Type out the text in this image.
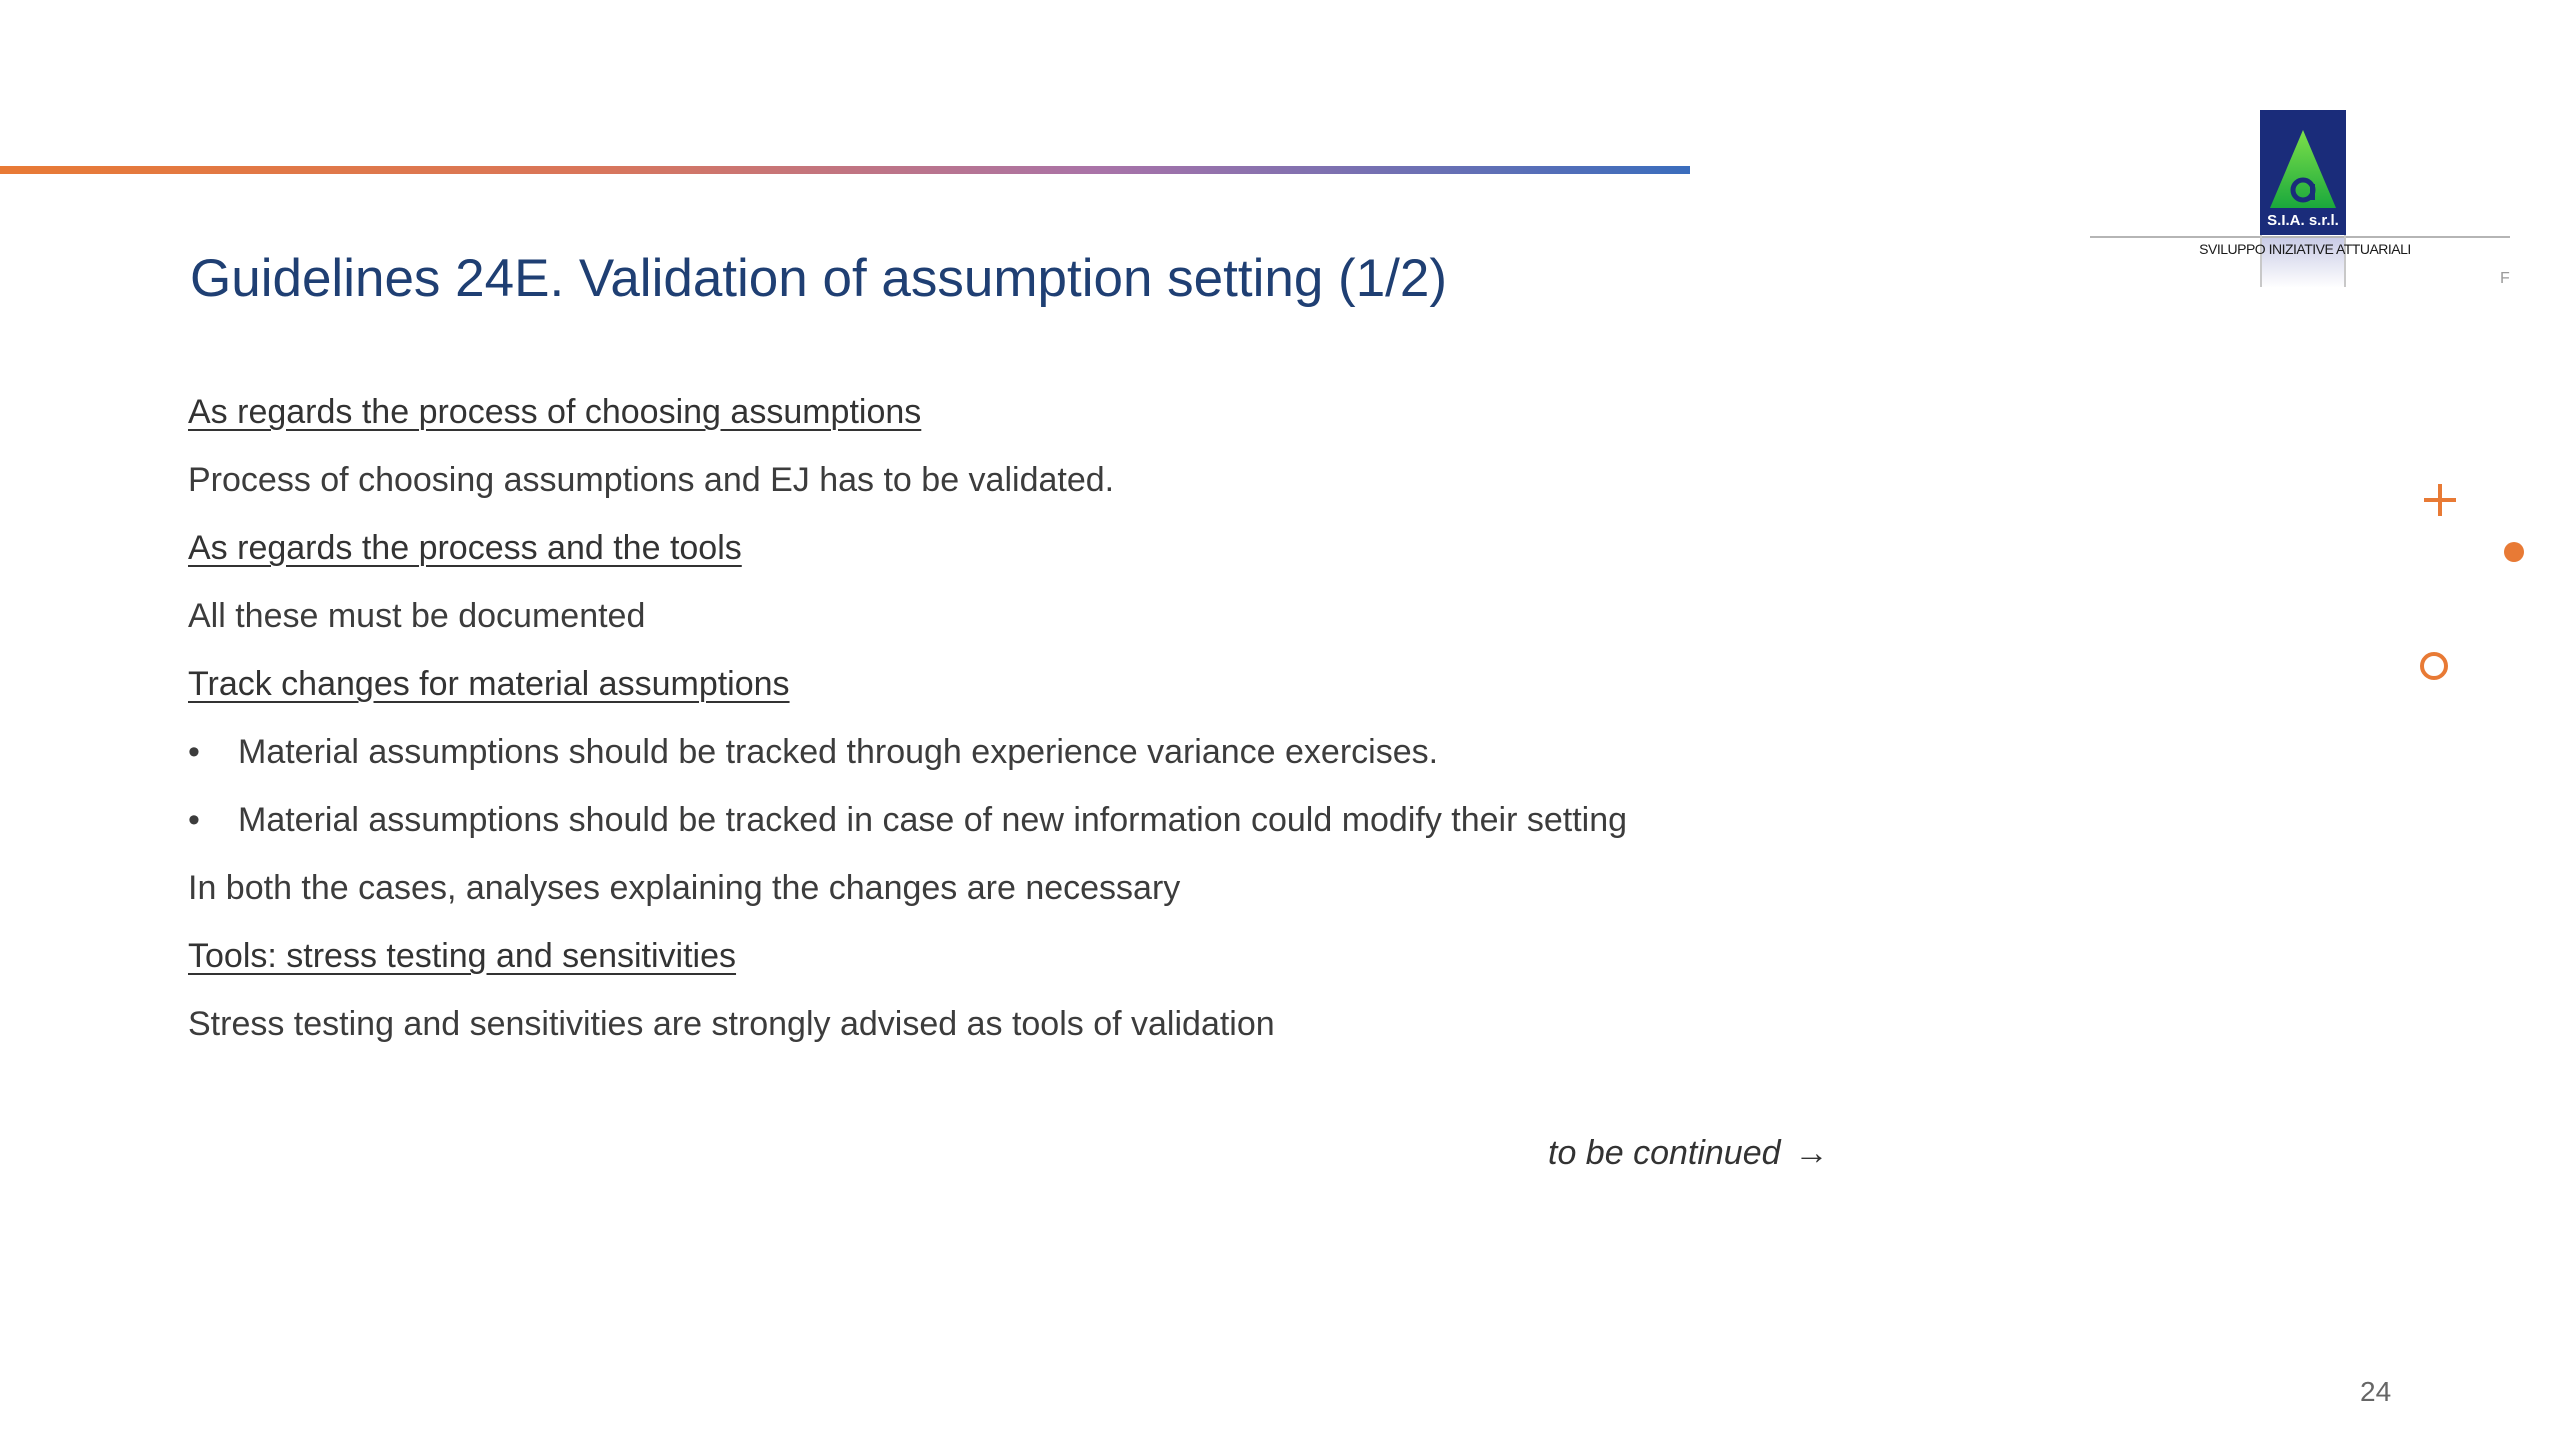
S.I.A. s.r.l.
SVILUPPO INIZIATIVE ATTUARIALI
F
Guidelines 24E. Validation of assumption setting (1/2)
As regards the process of choosing assumptions
Process of choosing assumptions and EJ has to be validated.
As regards the process and the tools
All these must be documented
Track changes for material assumptions
• Material assumptions should be tracked through experience variance exercises.
• Material assumptions should be tracked in case of new information could modify their setting
In both the cases, analyses explaining the changes are necessary
Tools: stress testing and sensitivities
Stress testing and sensitivities are strongly advised as tools of validation
to be continued →
24
